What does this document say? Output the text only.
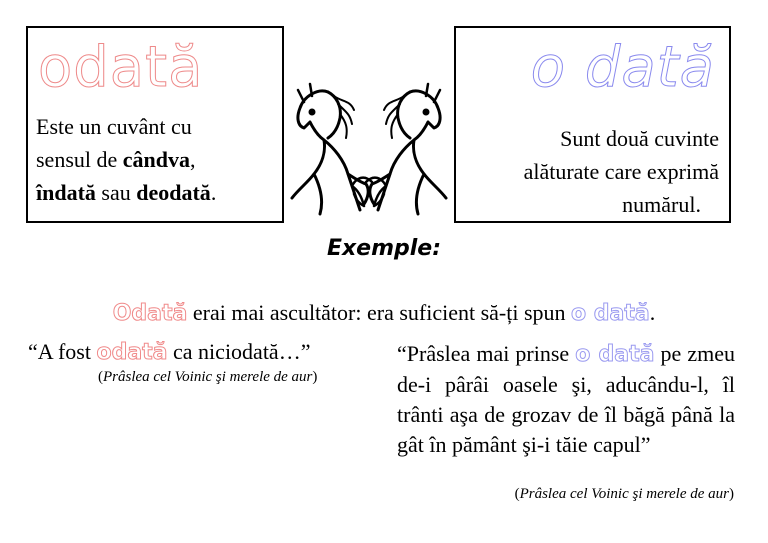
odată
Este un cuvânt cu
sensul de cândva,
îndată sau deodată.
o dată
Sunt două cuvinte
alăturate care exprimă

numărul.
Exemple:
Odată erai mai ascultător: era suficient să-ți spun o dată.
“A fost odată ca niciodată…”
(Prâslea cel Voinic şi merele de aur)
“Prâslea mai prinse o dată pe zmeu de-i pârâi oasele şi, aducându-l, îl trânti aşa de grozav de îl băgă până la gât în pământ şi-i tăie capul”
(Prâslea cel Voinic şi merele de aur)
